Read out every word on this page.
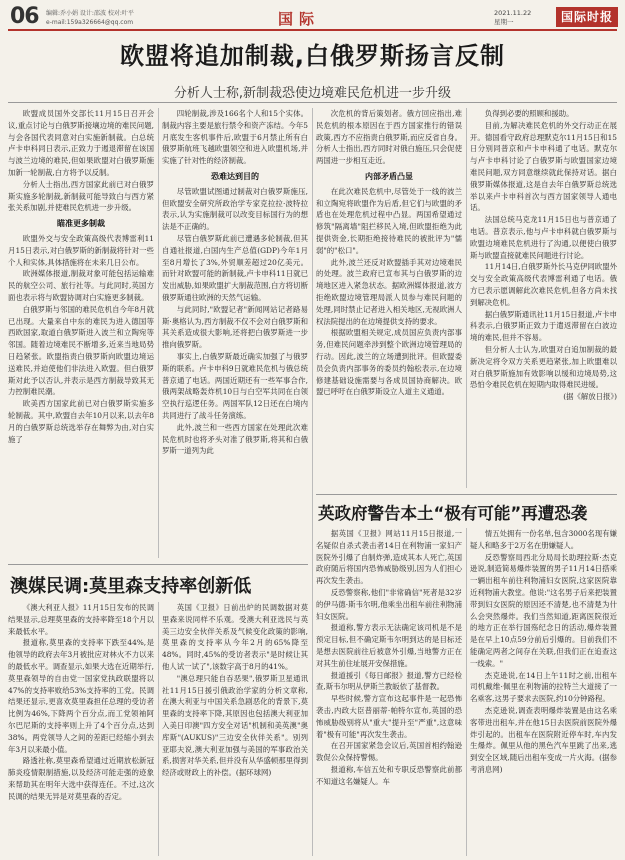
06 编辑:乔小娟 设计:邵波 校对:叶平
e-mail:159a326664@qq.com	国际	2021.11.22
星期一	国际时报
欧盟将追加制裁,白俄罗斯扬言反制
分析人士称,新制裁恐使边境难民危机进一步升级

欧盟成员国外交部长11月15日召开会议,重点讨论与白俄罗斯接壤边境的难民问题,与会各国代表同意对白实施新制裁。白总统卢卡申科同日表示,正致力于遏退滞留在该国与波兰边境的难民,但如果欧盟对白俄罗斯施加新一轮制裁,白方将予以反制。

分析人士指出,西方国家此前已对白俄罗斯实施多轮制裁,新制裁可能导致白与西方紧张关系加剧,并使难民危机进一步升级。

瞄准更多制裁

欧盟外交与安全政策高级代表博雷利11月15日表示,对白俄罗斯的新制裁将针对一些个人和实体,具体措施将在未来几日公布。

欧洲媒体报道,制裁对象可能包括运输难民的航空公司、旅行社等。与此同时,英国方面也表示将与欧盟协调对白实施更多制裁。

白俄罗斯与邻国的难民危机自今年8月就已出现。大量来自中东的难民为进入德国等西欧国家,取道白俄罗斯进入波兰和立陶宛等邻国。随着边境难民不断增多,近来当地局势日趋紧张。欧盟指责白俄罗斯向欧盟边境运送难民,并迫使他们非法进入欧盟。但白俄罗斯对此予以否认,并表示是西方制裁导致其无力控制难民潮。

欧美西方国家此前已对白俄罗斯实施多轮制裁。其中,欧盟自去年10月以来,以去年8月的白俄罗斯总统选举存在舞弊为由,对白实施了

四轮制裁,涉及166名个人和15个实体。制裁内容主要是旅行禁令和资产冻结。今年5月底发生客机事件后,欧盟于6月禁止所有白俄罗斯航班飞越欧盟领空和进入欧盟机场,并实施了针对性的经济制裁。

恐难达到目的

尽管欧盟试图通过制裁对白俄罗斯施压,但欧盟安全研究所政治学专家克拉拉·波特拉表示,认为实施制裁可以改变目标国行为的想法是不正确的。

尽管白俄罗斯此前已遭遇多轮制裁,但其自通社报道,白国内生产总值(GDP)今年1月至8月增长了3%,外贸顺差超过20亿美元。而针对欧盟可能的新制裁,卢卡申科11日就已发出威胁,如果欧盟扩大制裁范围,白方将切断俄罗斯通往欧洲的天然气运输。

与此同时,"欧盟记者"新闻网站记者路易斯·奥格认为,西方制裁不仅不会对白俄罗斯和其关系造成很大影响,还将把白俄罗斯进一步推向俄罗斯。

事实上,白俄罗斯最近确实加强了与俄罗斯的联系。卢卡申科9日就难民危机与俄总统普京通了电话。两国近期还有一些军事合作,俄两架战略轰炸机10日与白空军共同在白领空执行巡逻任务。两国军队12日还在白境内共同进行了战斗任务演练。

此外,波兰和一些西方国家在处理此次难民危机时也将矛头对准了俄罗斯,将其和白俄罗斯一道列为此

次危机的背后策划者。俄方回应指出,难民危机的根本原因在于西方国家推行的错误政策,西方不应指责白俄罗斯,而应反省自身。分析人士指出,西方同时对俄白施压,只会促使两国进一步相互走近。

内部矛盾凸显

在此次难民危机中,尽管处于一线的波兰和立陶宛将欧盟作为后盾,但它们与欧盟的矛盾也在处理危机过程中凸显。两国希望通过修筑"隔离墙"阻拦移民入境,但欧盟拒绝为此提供资金,长期拒绝接待难民的被批评为"懦弱"的"松口"。

此外,波兰还反对欧盟插手其对边境难民的处理。波兰政府已宣布其与白俄罗斯的边境地区进入紧急状态。据欧洲媒体报道,波方拒绝欧盟边境管理局派人员参与难民问题的处理,同时禁止记者进入相关地区,无视欧洲人权法院提出的在边境提供支持的要求。

根据欧盟相关规定,成员国应负责内部事务,但难民问题牵涉到整个欧洲边境管理局的行动。因此,波兰的立场遭到批评。但欧盟委员会负责内部事务的委员约翰松表示,在边境修建基础设施需要与各成员国协商解决。欧盟已呼吁在白俄罗斯设立人道主义通道。

负得到必要的照顾和援助。

目前,为解决难民危机的外交行动正在展开。德国看守政府总理默克尔11月15日和15日分别同普京和卢卡申科通了电话。默克尔与卢卡申科讨论了白俄罗斯与欧盟国家边境难民问题,双方同意继续就此保持对话。据白俄罗斯媒体报道,这是自去年白俄罗斯总统选举以来卢卡申科首次与西方国家领导人通电话。

法国总统马克龙11月15日也与普京通了电话。普京表示,他与卢卡申科就白俄罗斯与欧盟边境难民危机进行了沟通,以便使白俄罗斯与欧盟直接就难民问题进行讨论。

11月14日,白俄罗斯外长马克伊同欧盟外交与安全政策高级代表博雷利通了电话。俄方已表示愿调解此次难民危机,但各方尚未找到解决危机。

据白俄罗斯通讯社11月15日报道,卢卡申科表示,白俄罗斯正致力于遣返滞留在白波边境的难民,但并不容易。

但分析人士认为,欧盟对白追加制裁的最新决定将令双方关系更趋紧张,加上欧盟难以对白俄罗斯施加有效影响以缓和边境局势,这恐怕令难民危机在短期内取得难民进缓。

(据《解放日报》)

英政府警告本土“极有可能”再遭恐袭

据英国《卫报》网站11月15日报道,一名疑似自杀式袭击者14日在利物浦一家妇产医院外引爆了自制炸弹,造成其本人死亡,英国政府随后将国内恐怖威胁级别,因为人们担心再次发生袭击。

反恐警察称,他们"非常确信"死者是32岁的伊马德·斯韦尔明,他乘坐出租车前往利物浦妇女医院。

报道称,警方表示无法确定该司机是不是预定目标,但不确定斯韦尔明到达的是目标还是想去医院前往后被意外引爆,当地警方正在对其生前住址展开安保措施。

报道援引《每日邮报》报道,警方已经检查,斯韦尔明从伊斯兰教皈依了基督教。

早些时候,警方宣布这起事件是一起恐怖袭击,内政大臣普丽蒂·帕特尔宣布,英国的恐怖威胁级别将从"重大"提升至"严重",这意味着"极有可能"再次发生袭击。

在召开国家紧急会议后,英国首相约翰逊敦促公众保持警惕。

报道称,车信五处和专职反恐警察此前都不知道这名嫌疑人。车

情五处拥有一份名单,包含3000名现有嫌疑人和略多于2万名在册嫌疑人。

反恐警察局西北分局局长助理拉斯·杰克逊说,制造简易爆炸装置的男子11月14日搭乘一辆出租车前往利物浦妇女医院,这家医院靠近利物浦大教堂。他说:"这名男子后来把装置带到妇女医院的原因还不清楚,也不清楚为什么会突然爆炸。我们当然知道,距离医院很近的地方正在举行国殇纪念日的活动,爆炸装置是在早上10点59分前后引爆的。目前我们不能确定两者之间存在关联,但我们正在追查这一线索。"

杰克逊说,在14日上午11时之前,出租车司机戴维·佩里在利物浦的拉特兰大道接了一名乘客,这男子要求去医院,约10分钟路程。

杰克逊说,调查表明爆炸装置是由这名乘客带进出租车,并在他15日去医院前医院外爆炸引起的。出租车在医院附近停车时,车内发生爆炸。佩里从他的黑色汽车里跳了出来,逃到安全区域,随后出租车变成一片火海。(据参考消息网)

澳媒民调:莫里森支持率创新低

《澳大利亚人报》11月15日发布的民调结果显示,总理莫里森的支持率降至18个月以来最低水平。

报道称,莫里森的支持率下跌至44%,是他领导的政府去年3月被批应对林火不力以来的最低水平。调查显示,如果大选在近期举行,莫里森领导的自由党一国家党执政联盟将以47%的支持率败给53%支持率的工党。民调结果还显示,更喜欢莫里森担任总理的受访者比例为46%,下降两个百分点,而工党领袖阿尔巴尼斯的支持率则上升了4个百分点,达到38%。两党领导人之间的差距已经缩小到去年3月以来最小值。

路透社称,莫里森希望通过近期放松新冠肺炎疫情限制措施,以及经济可能走强的迹象来帮助其在明年大选中获得连任。不过,这次民调的结果无异是对莫里森的否定。

英国《卫报》日前出炉的民调数据对莫里森来说同样不乐观。受澳大利亚选民与英美三边安全伙伴关系及气候变化政策的影响,莫里森的支持率从今年2月的65%降至48%。同时,45%的受访者表示"是时候让其他人试一试了",该数字高于8月的41%。

"澳总理只能自吞恶果",俄罗斯卫星通讯社11月15日援引俄政治学家的分析文章称,在澳大利亚与中国关系急剧恶化的背景下,莫里森的支持率下降,其原因也包括澳大利亚加入美日印澳"四方安全对话"机制和美英澳"奥库斯"(AUKUS)"三边安全伙伴关系"。别列亚耶夫说,澳大利亚加强与美国的军事政治关系,损害对华关系,但并没有从华盛顿那里得到经济或财政上的补偿。(据环球网)
